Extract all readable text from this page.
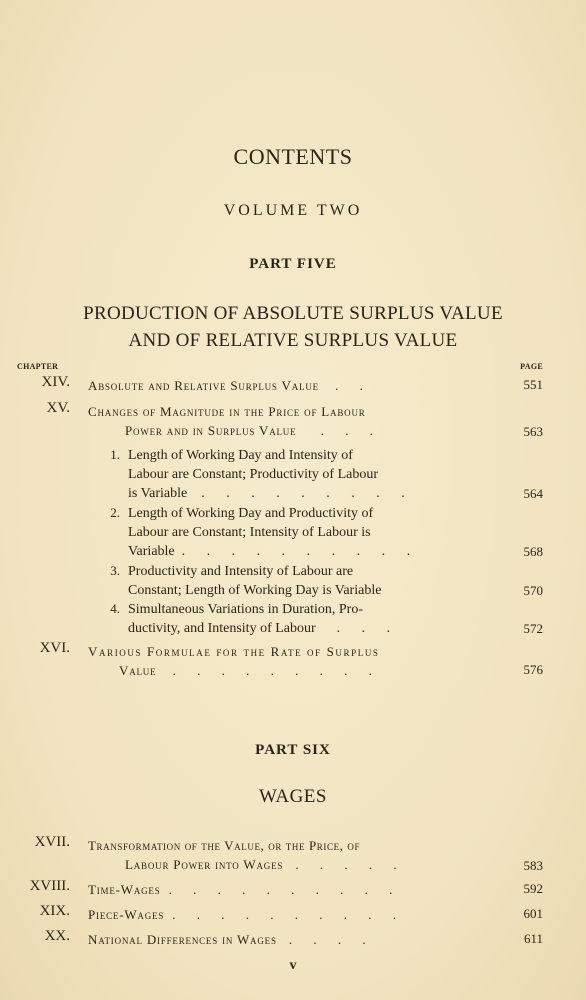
CONTENTS
VOLUME TWO
PART FIVE
PRODUCTION OF ABSOLUTE SURPLUS VALUE
AND OF RELATIVE SURPLUS VALUE
CHAPTER	PAGE
XIV. Absolute and Relative Surplus Value . .	551
XV. Changes of Magnitude in the Price of Labour
Power and in Surplus Value . . .	563
1. Length of Working Day and Intensity of
Labour are Constant; Productivity of Labour
is Variable . . . . . . . . .	564
2. Length of Working Day and Productivity of
Labour are Constant; Intensity of Labour is
Variable . . . . . . . . . .	568
3. Productivity and Intensity of Labour are
Constant; Length of Working Day is Variable	570
4. Simultaneous Variations in Duration, Pro-
ductivity, and Intensity of Labour . . .	572
XVI. Various Formulae for the Rate of Surplus
Value . . . . . . . . .	576
PART SIX
WAGES
XVII. Transformation of the Value, or the Price, of
Labour Power into Wages . . . . .	583
XVIII. Time-Wages . . . . . . . . . .	592
XIX. Piece-Wages . . . . . . . . . .	601
XX. National Differences in Wages . . . .	611
v
